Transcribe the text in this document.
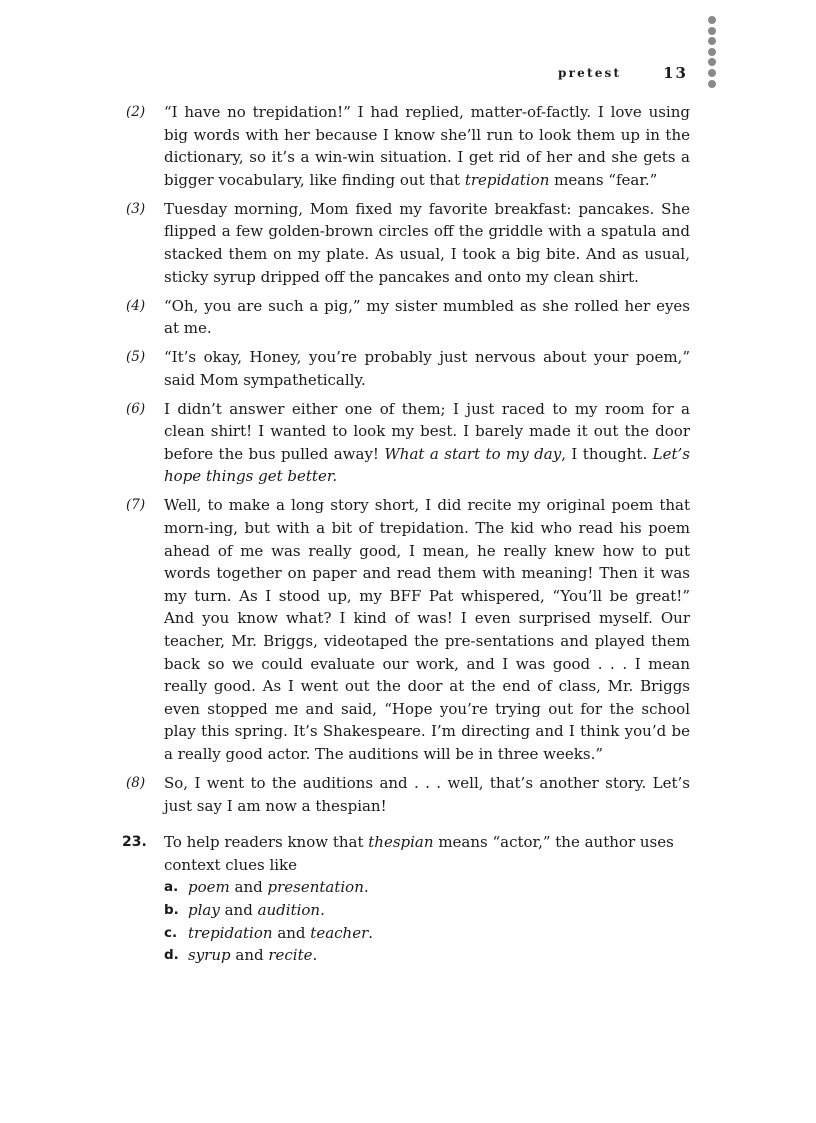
pretest	13
(2) “I have no trepidation!” I had replied, matter-of-factly. I love using big words with her because I know she’ll run to look them up in the dictionary, so it’s a win-win situation. I get rid of her and she gets a bigger vocabulary, like finding out that trepidation means “fear.”
(3) Tuesday morning, Mom fixed my favorite breakfast: pancakes. She flipped a few golden-brown circles off the griddle with a spatula and stacked them on my plate. As usual, I took a big bite. And as usual, sticky syrup dripped off the pancakes and onto my clean shirt.
(4) “Oh, you are such a pig,” my sister mumbled as she rolled her eyes at me.
(5) “It’s okay, Honey, you’re probably just nervous about your poem,” said Mom sympathetically.
(6) I didn’t answer either one of them; I just raced to my room for a clean shirt! I wanted to look my best. I barely made it out the door before the bus pulled away! What a start to my day, I thought. Let’s hope things get better.
(7) Well, to make a long story short, I did recite my original poem that morn-ing, but with a bit of trepidation. The kid who read his poem ahead of me was really good, I mean, he really knew how to put words together on paper and read them with meaning! Then it was my turn. As I stood up, my BFF Pat whispered, “You’ll be great!” And you know what? I kind of was! I even surprised myself. Our teacher, Mr. Briggs, videotaped the pre-sentations and played them back so we could evaluate our work, and I was good . . . I mean really good. As I went out the door at the end of class, Mr. Briggs even stopped me and said, “Hope you’re trying out for the school play this spring. It’s Shakespeare. I’m directing and I think you’d be a really good actor. The auditions will be in three weeks.”
(8) So, I went to the auditions and . . . well, that’s another story. Let’s just say I am now a thespian!
23. To help readers know that thespian means “actor,” the author uses context clues like
a. poem and presentation.
b. play and audition.
c. trepidation and teacher.
d. syrup and recite.
